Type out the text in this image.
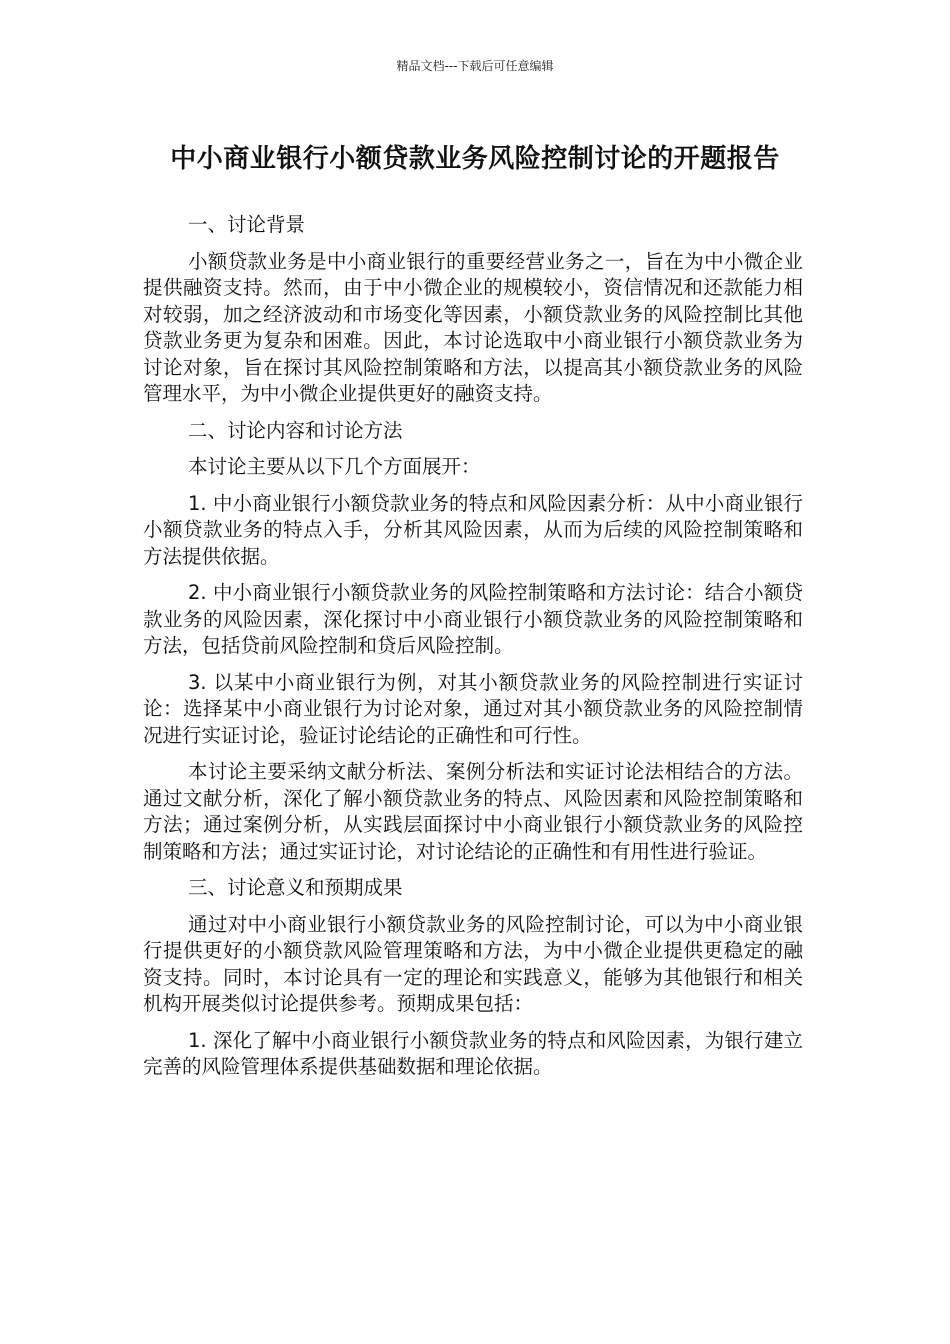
精品文档---下载后可任意编辑
中小商业银行小额贷款业务风险控制讨论的开题报告

一、讨论背景

小额贷款业务是中小商业银行的重要经营业务之一，旨在为中小微企业提供融资支持。然而，由于中小微企业的规模较小，资信情况和还款能力相对较弱，加之经济波动和市场变化等因素，小额贷款业务的风险控制比其他贷款业务更为复杂和困难。因此，本讨论选取中小商业银行小额贷款业务为讨论对象，旨在探讨其风险控制策略和方法，以提高其小额贷款业务的风险管理水平，为中小微企业提供更好的融资支持。

二、讨论内容和讨论方法

本讨论主要从以下几个方面展开：

1. 中小商业银行小额贷款业务的特点和风险因素分析：从中小商业银行小额贷款业务的特点入手，分析其风险因素，从而为后续的风险控制策略和方法提供依据。

2. 中小商业银行小额贷款业务的风险控制策略和方法讨论：结合小额贷款业务的风险因素，深化探讨中小商业银行小额贷款业务的风险控制策略和方法，包括贷前风险控制和贷后风险控制。

3. 以某中小商业银行为例，对其小额贷款业务的风险控制进行实证讨论：选择某中小商业银行为讨论对象，通过对其小额贷款业务的风险控制情况进行实证讨论，验证讨论结论的正确性和可行性。

本讨论主要采纳文献分析法、案例分析法和实证讨论法相结合的方法。通过文献分析，深化了解小额贷款业务的特点、风险因素和风险控制策略和方法；通过案例分析，从实践层面探讨中小商业银行小额贷款业务的风险控制策略和方法；通过实证讨论，对讨论结论的正确性和有用性进行验证。

三、讨论意义和预期成果

通过对中小商业银行小额贷款业务的风险控制讨论，可以为中小商业银行提供更好的小额贷款风险管理策略和方法，为中小微企业提供更稳定的融资支持。同时，本讨论具有一定的理论和实践意义，能够为其他银行和相关机构开展类似讨论提供参考。预期成果包括：

1. 深化了解中小商业银行小额贷款业务的特点和风险因素，为银行建立完善的风险管理体系提供基础数据和理论依据。
